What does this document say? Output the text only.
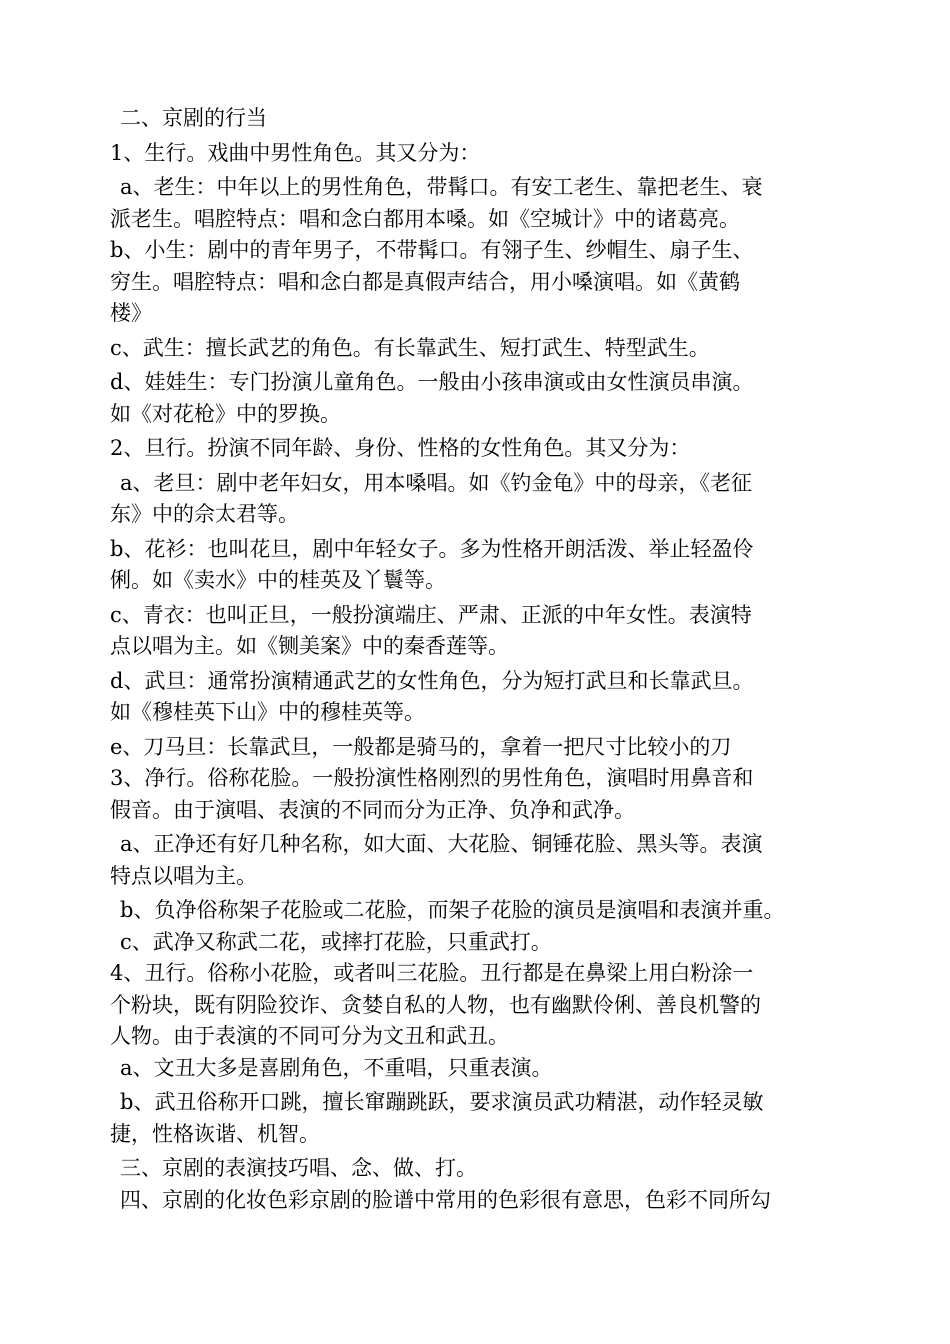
二、京剧的行当
1、生行。戏曲中男性角色。其又分为：
a、老生：中年以上的男性角色，带髯口。有安工老生、靠把老生、衰
派老生。唱腔特点：唱和念白都用本嗓。如《空城计》中的诸葛亮。
b、小生：剧中的青年男子，不带髯口。有翎子生、纱帽生、扇子生、
穷生。唱腔特点：唱和念白都是真假声结合，用小嗓演唱。如《黄鹤
楼》
c、武生：擅长武艺的角色。有长靠武生、短打武生、特型武生。
d、娃娃生：专门扮演儿童角色。一般由小孩串演或由女性演员串演。
如《对花枪》中的罗换。
2、旦行。扮演不同年龄、身份、性格的女性角色。其又分为：
a、老旦：剧中老年妇女，用本嗓唱。如《钓金龟》中的母亲，《老征
东》中的佘太君等。
b、花衫：也叫花旦，剧中年轻女子。多为性格开朗活泼、举止轻盈伶
俐。如《卖水》中的桂英及丫鬟等。
c、青衣：也叫正旦，一般扮演端庄、严肃、正派的中年女性。表演特
点以唱为主。如《铡美案》中的秦香莲等。
d、武旦：通常扮演精通武艺的女性角色，分为短打武旦和长靠武旦。
如《穆桂英下山》中的穆桂英等。
e、刀马旦：长靠武旦，一般都是骑马的，拿着一把尺寸比较小的刀
3、净行。俗称花脸。一般扮演性格刚烈的男性角色，演唱时用鼻音和
假音。由于演唱、表演的不同而分为正净、负净和武净。
a、正净还有好几种名称，如大面、大花脸、铜锤花脸、黑头等。表演
特点以唱为主。
b、负净俗称架子花脸或二花脸，而架子花脸的演员是演唱和表演并重。
c、武净又称武二花，或摔打花脸，只重武打。
4、丑行。俗称小花脸，或者叫三花脸。丑行都是在鼻梁上用白粉涂一
个粉块，既有阴险狡诈、贪婪自私的人物，也有幽默伶俐、善良机警的
人物。由于表演的不同可分为文丑和武丑。
a、文丑大多是喜剧角色，不重唱，只重表演。
b、武丑俗称开口跳，擅长窜蹦跳跃，要求演员武功精湛，动作轻灵敏
捷，性格诙谐、机智。
三、京剧的表演技巧唱、念、做、打。
四、京剧的化妆色彩京剧的脸谱中常用的色彩很有意思，色彩不同所勾
